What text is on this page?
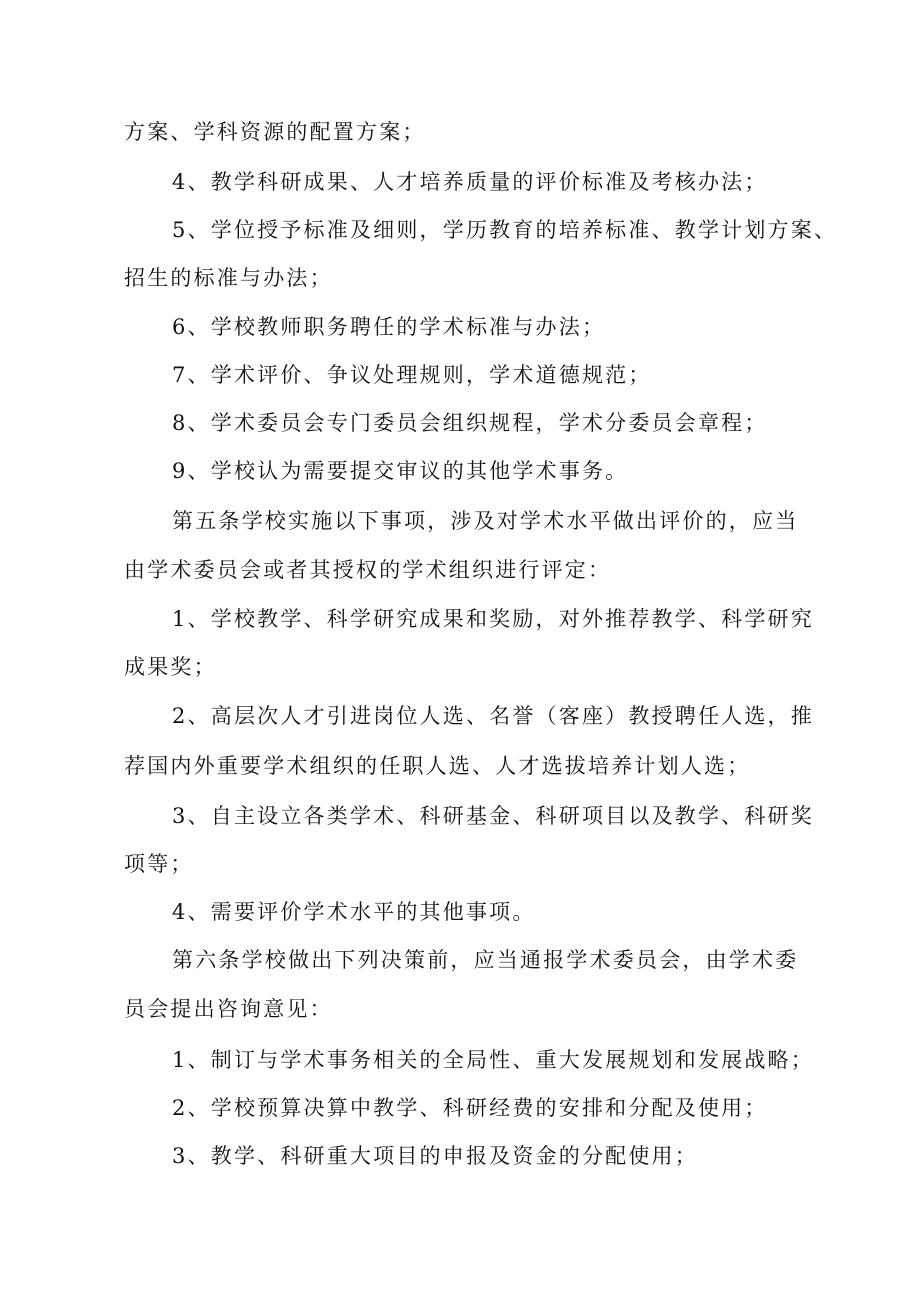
方案、学科资源的配置方案；
4、教学科研成果、人才培养质量的评价标准及考核办法；
5、学位授予标准及细则，学历教育的培养标准、教学计划方案、
招生的标准与办法；
6、学校教师职务聘任的学术标准与办法；
7、学术评价、争议处理规则，学术道德规范；
8、学术委员会专门委员会组织规程，学术分委员会章程；
9、学校认为需要提交审议的其他学术事务。
第五条学校实施以下事项，涉及对学术水平做出评价的，应当
由学术委员会或者其授权的学术组织进行评定：
1、学校教学、科学研究成果和奖励，对外推荐教学、科学研究
成果奖；
2、高层次人才引进岗位人选、名誉（客座）教授聘任人选，推
荐国内外重要学术组织的任职人选、人才选拔培养计划人选；
3、自主设立各类学术、科研基金、科研项目以及教学、科研奖
项等；
4、需要评价学术水平的其他事项。
第六条学校做出下列决策前，应当通报学术委员会，由学术委
员会提出咨询意见：
1、制订与学术事务相关的全局性、重大发展规划和发展战略；
2、学校预算决算中教学、科研经费的安排和分配及使用；
3、教学、科研重大项目的申报及资金的分配使用；
